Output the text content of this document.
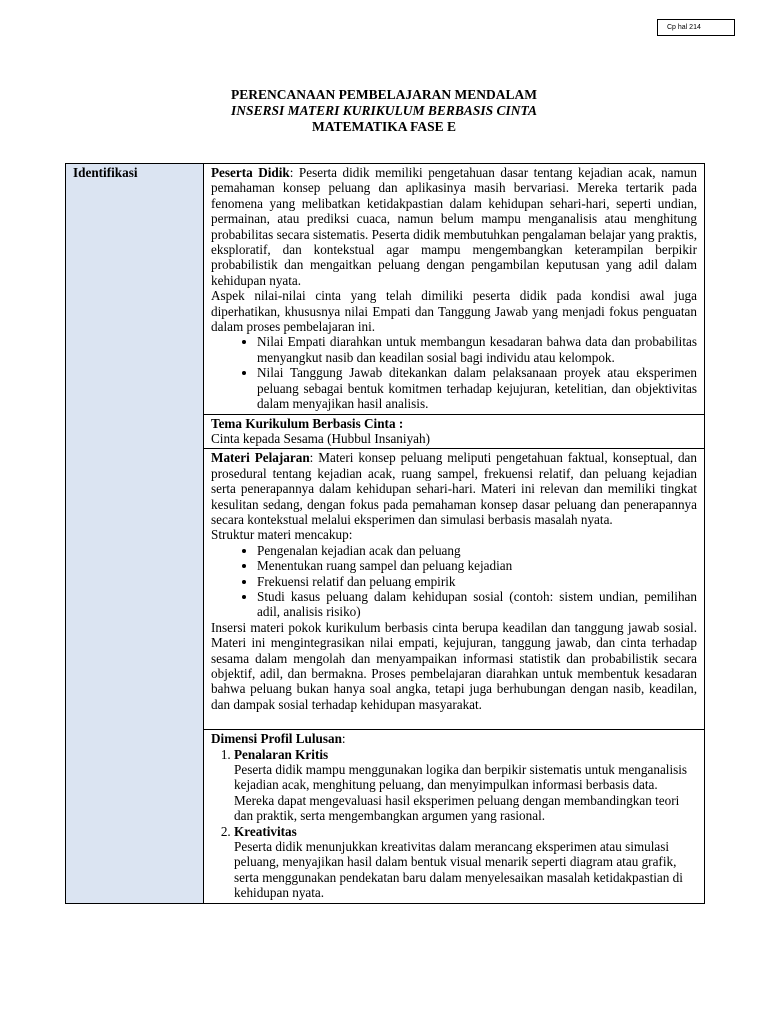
Cp hal 214
PERENCANAAN PEMBELAJARAN MENDALAM
INSERSI MATERI KURIKULUM BERBASIS CINTA
MATEMATIKA FASE E
Identifikasi	Peserta Didik: Peserta didik memiliki pengetahuan dasar tentang kejadian acak, namun pemahaman konsep peluang dan aplikasinya masih bervariasi. Mereka tertarik pada fenomena yang melibatkan ketidakpastian dalam kehidupan sehari-hari, seperti undian, permainan, atau prediksi cuaca, namun belum mampu menganalisis atau menghitung probabilitas secara sistematis. Peserta didik membutuhkan pengalaman belajar yang praktis, eksploratif, dan kontekstual agar mampu mengembangkan keterampilan berpikir probabilistik dan mengaitkan peluang dengan pengambilan keputusan yang adil dalam kehidupan nyata.

Aspek nilai-nilai cinta yang telah dimiliki peserta didik pada kondisi awal juga diperhatikan, khususnya nilai Empati dan Tanggung Jawab yang menjadi fokus penguatan dalam proses pembelajaran ini.

• Nilai Empati diarahkan untuk membangun kesadaran bahwa data dan probabilitas menyangkut nasib dan keadilan sosial bagi individu atau kelompok.
• Nilai Tanggung Jawab ditekankan dalam pelaksanaan proyek atau eksperimen peluang sebagai bentuk komitmen terhadap kejujuran, ketelitian, dan objektivitas dalam menyajikan hasil analisis.

Tema Kurikulum Berbasis Cinta :
Cinta kepada Sesama (Hubbul Insaniyah)

Materi Pelajaran: Materi konsep peluang meliputi pengetahuan faktual, konseptual, dan prosedural tentang kejadian acak, ruang sampel, frekuensi relatif, dan peluang kejadian serta penerapannya dalam kehidupan sehari-hari. Materi ini relevan dan memiliki tingkat kesulitan sedang, dengan fokus pada pemahaman konsep dasar peluang dan penerapannya secara kontekstual melalui eksperimen dan simulasi berbasis masalah nyata.

Struktur materi mencakup:
• Pengenalan kejadian acak dan peluang
• Menentukan ruang sampel dan peluang kejadian
• Frekuensi relatif dan peluang empirik
• Studi kasus peluang dalam kehidupan sosial (contoh: sistem undian, pemilihan adil, analisis risiko)

Insersi materi pokok kurikulum berbasis cinta berupa keadilan dan tanggung jawab sosial. Materi ini mengintegrasikan nilai empati, kejujuran, tanggung jawab, dan cinta terhadap sesama dalam mengolah dan menyampaikan informasi statistik dan probabilistik secara objektif, adil, dan bermakna. Proses pembelajaran diarahkan untuk membentuk kesadaran bahwa peluang bukan hanya soal angka, tetapi juga berhubungan dengan nasib, keadilan, dan dampak sosial terhadap kehidupan masyarakat.

Dimensi Profil Lulusan:
1. Penalaran Kritis
Peserta didik mampu menggunakan logika dan berpikir sistematis untuk menganalisis kejadian acak, menghitung peluang, dan menyimpulkan informasi berbasis data. Mereka dapat mengevaluasi hasil eksperimen peluang dengan membandingkan teori dan praktik, serta mengembangkan argumen yang rasional.
2. Kreativitas
Peserta didik menunjukkan kreativitas dalam merancang eksperimen atau simulasi peluang, menyajikan hasil dalam bentuk visual menarik seperti diagram atau grafik, serta menggunakan pendekatan baru dalam menyelesaikan masalah ketidakpastian di kehidupan nyata.
